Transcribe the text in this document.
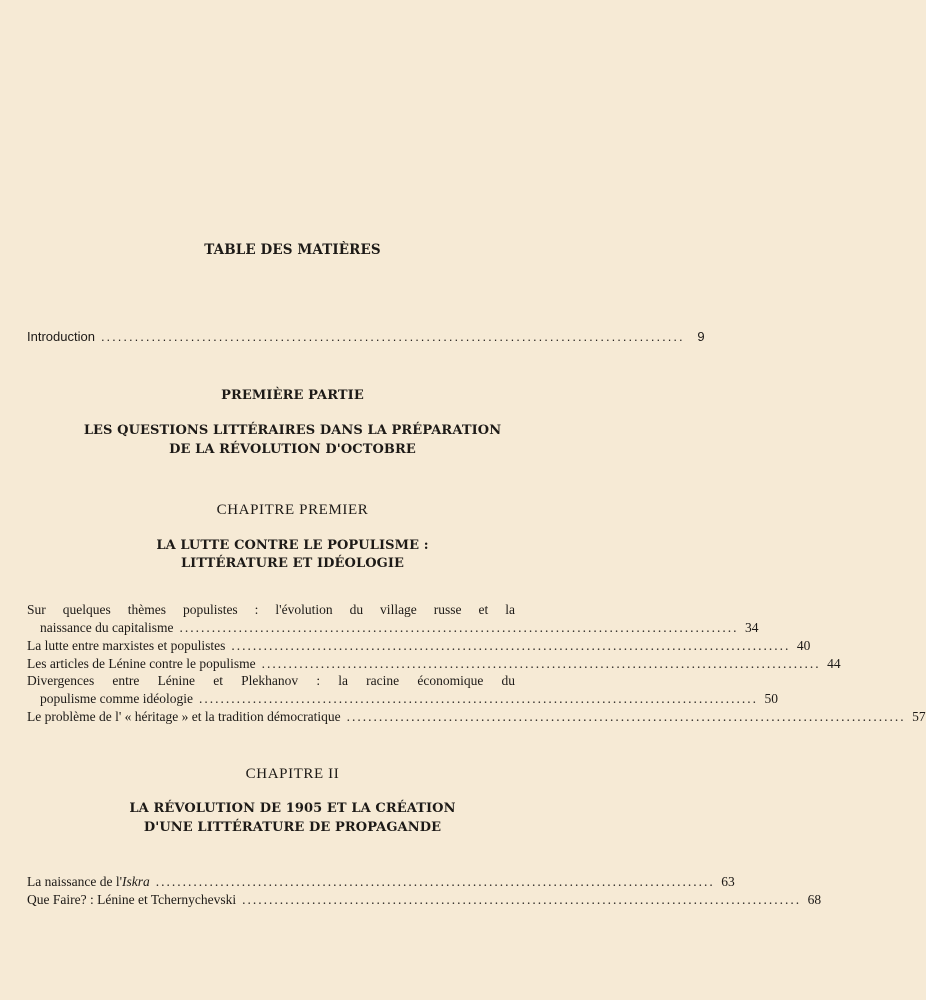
TABLE DES MATIÈRES
Introduction ........................................................................................................ 9
PREMIÈRE PARTIE
LES QUESTIONS LITTÉRAIRES DANS LA PRÉPARATION
DE LA RÉVOLUTION D'OCTOBRE
CHAPITRE PREMIER
LA LUTTE CONTRE LE POPULISME :
LITTÉRATURE ET IDÉOLOGIE
Sur quelques thèmes populistes : l'évolution du village russe et la
naissance du capitalisme ........................................................................................................ 34
La lutte entre marxistes et populistes ........................................................................................................ 40
Les articles de Lénine contre le populisme ........................................................................................................ 44
Divergences entre Lénine et Plekhanov : la racine économique du
populisme comme idéologie ........................................................................................................ 50
Le problème de l' « héritage » et la tradition démocratique ........................................................................................................ 57
CHAPITRE II
LA RÉVOLUTION DE 1905 ET LA CRÉATION
D'UNE LITTÉRATURE DE PROPAGANDE
La naissance de l'Iskra ........................................................................................................ 63
Que Faire? : Lénine et Tchernychevski ........................................................................................................ 68
